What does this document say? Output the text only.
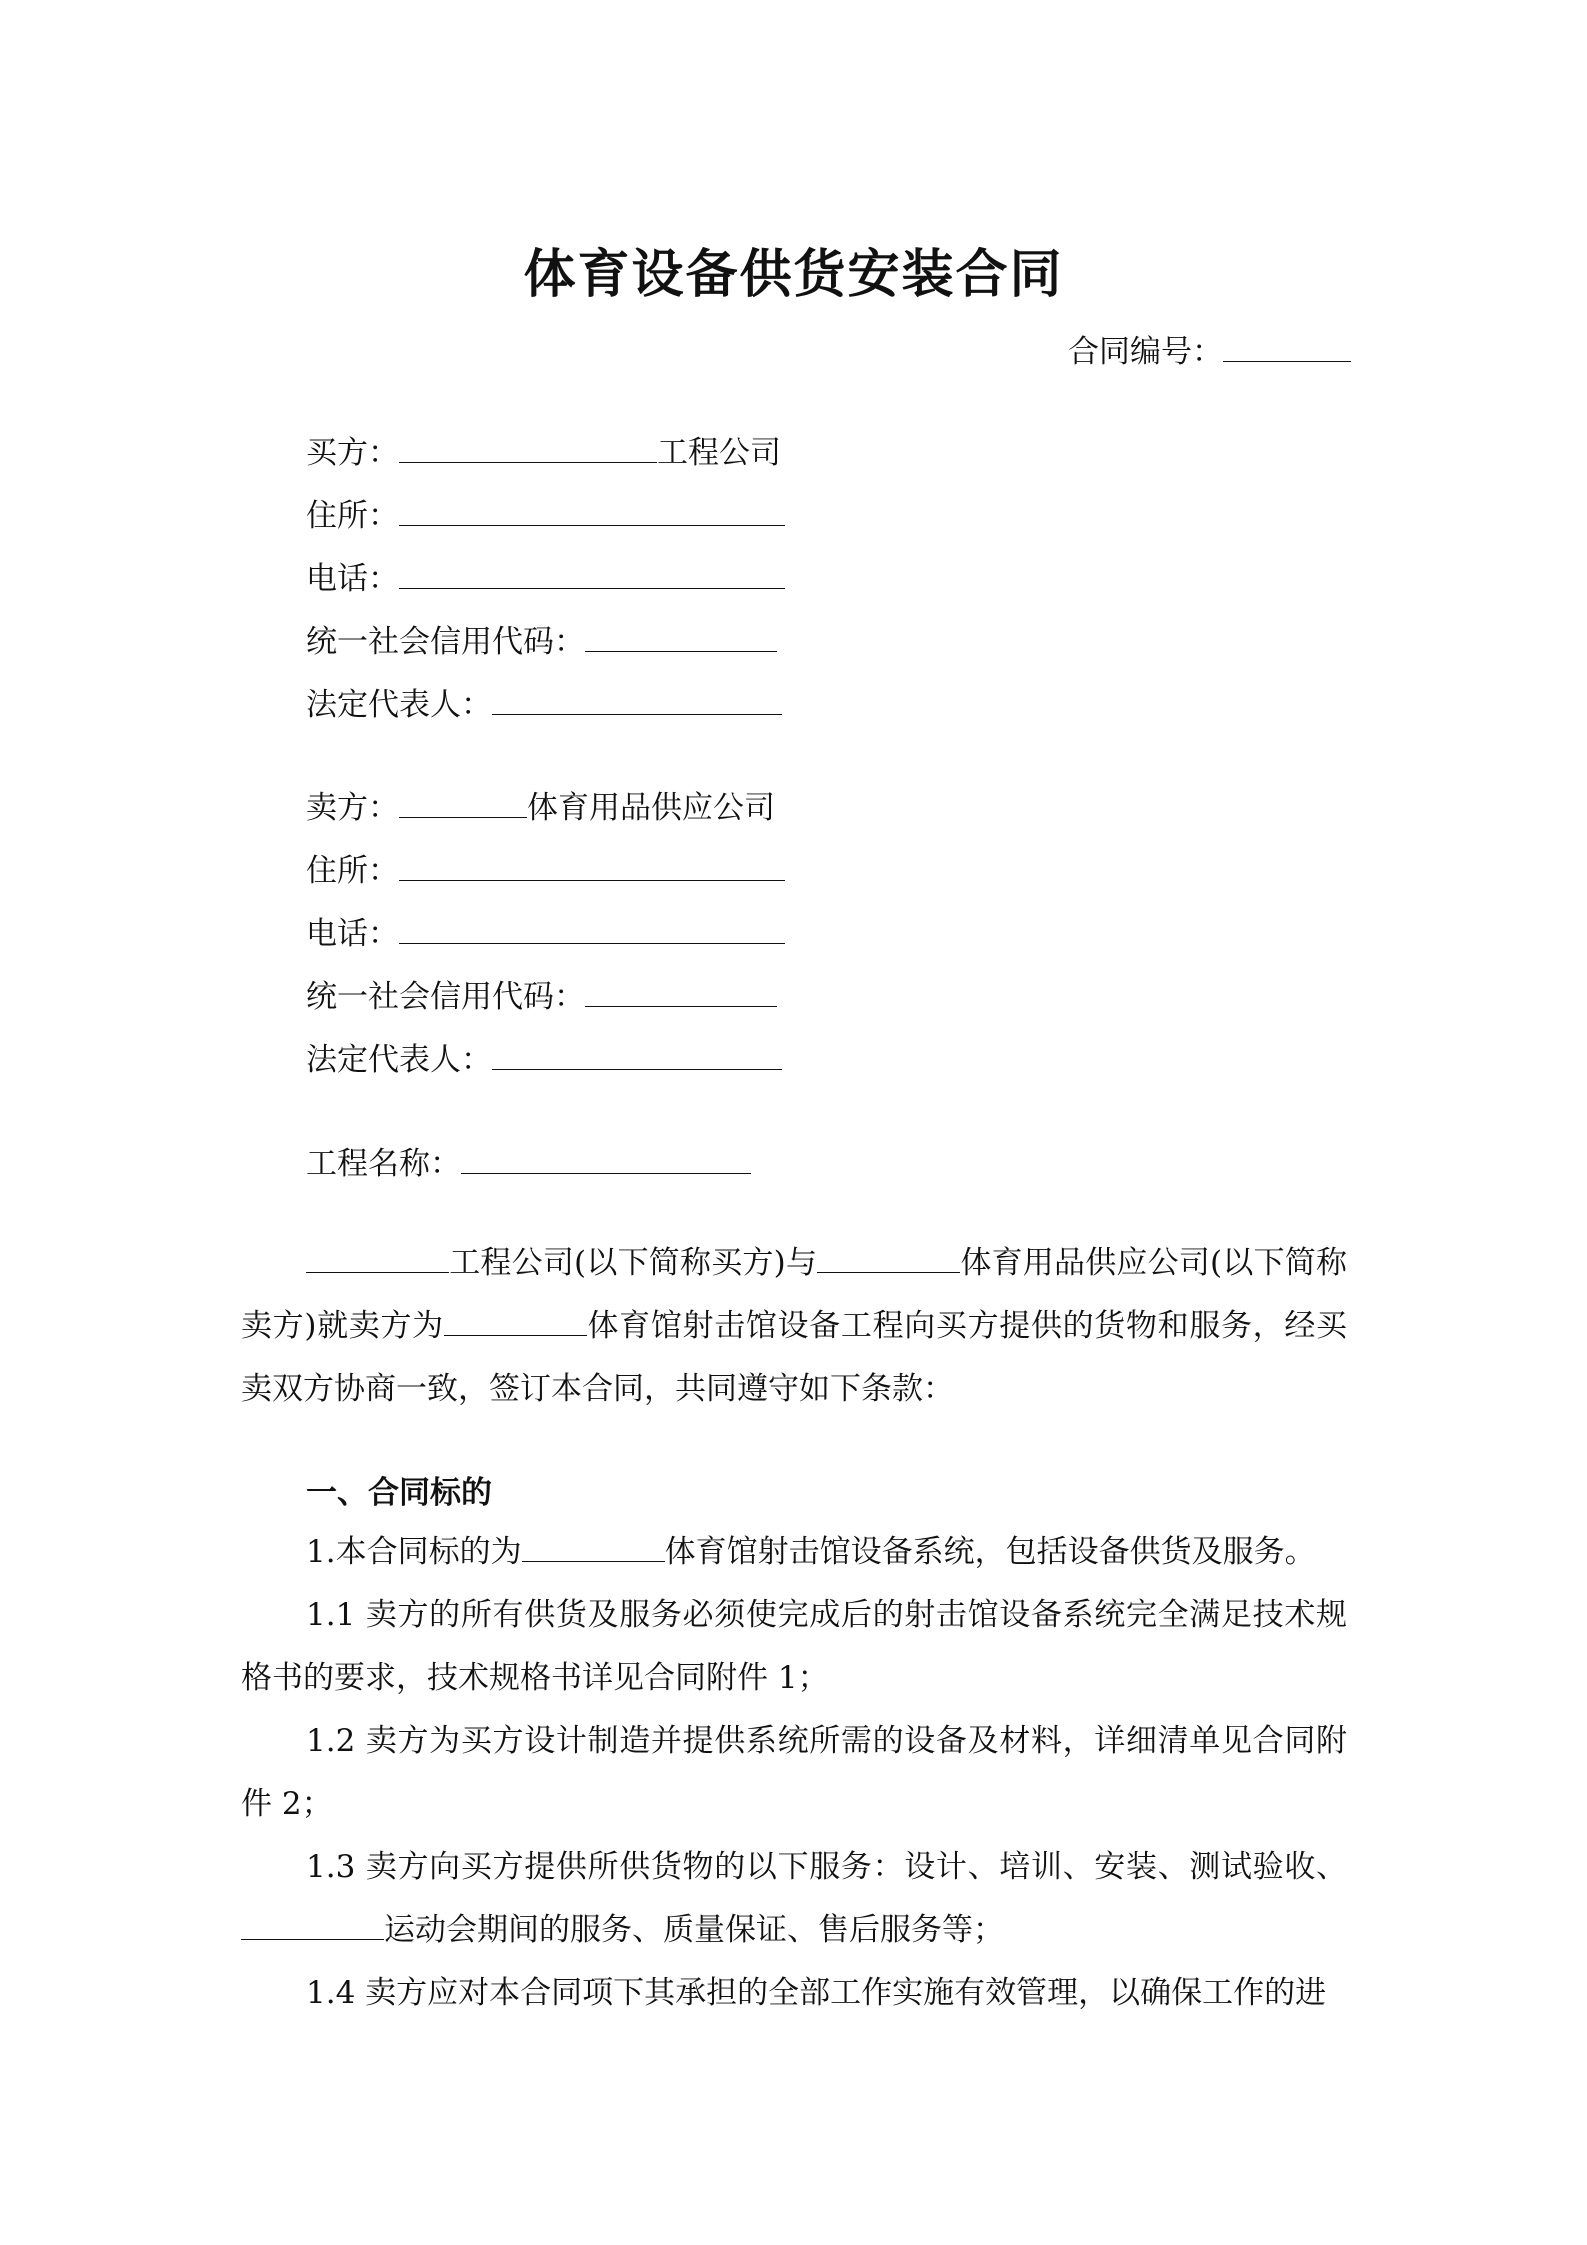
体育设备供货安装合同
合同编号：
买方：	工程公司
住所：
电话：
统一社会信用代码：
法定代表人：
卖方：	体育用品供应公司
住所：
电话：
统一社会信用代码：
法定代表人：
工程名称：
工程公司(以下简称买方)与	体育用品供应公司(以下简称卖方)就卖方为	体育馆射击馆设备工程向买方提供的货物和服务，经买卖双方协商一致，签订本合同，共同遵守如下条款：
一、合同标的
1.本合同标的为	体育馆射击馆设备系统，包括设备供货及服务。
1.1 卖方的所有供货及服务必须使完成后的射击馆设备系统完全满足技术规格书的要求，技术规格书详见合同附件 1；
1.2 卖方为买方设计制造并提供系统所需的设备及材料，详细清单见合同附件 2；
1.3 卖方向买方提供所供货物的以下服务：设计、培训、安装、测试验收、运动会期间的服务、质量保证、售后服务等；
1.4 卖方应对本合同项下其承担的全部工作实施有效管理，以确保工作的进
